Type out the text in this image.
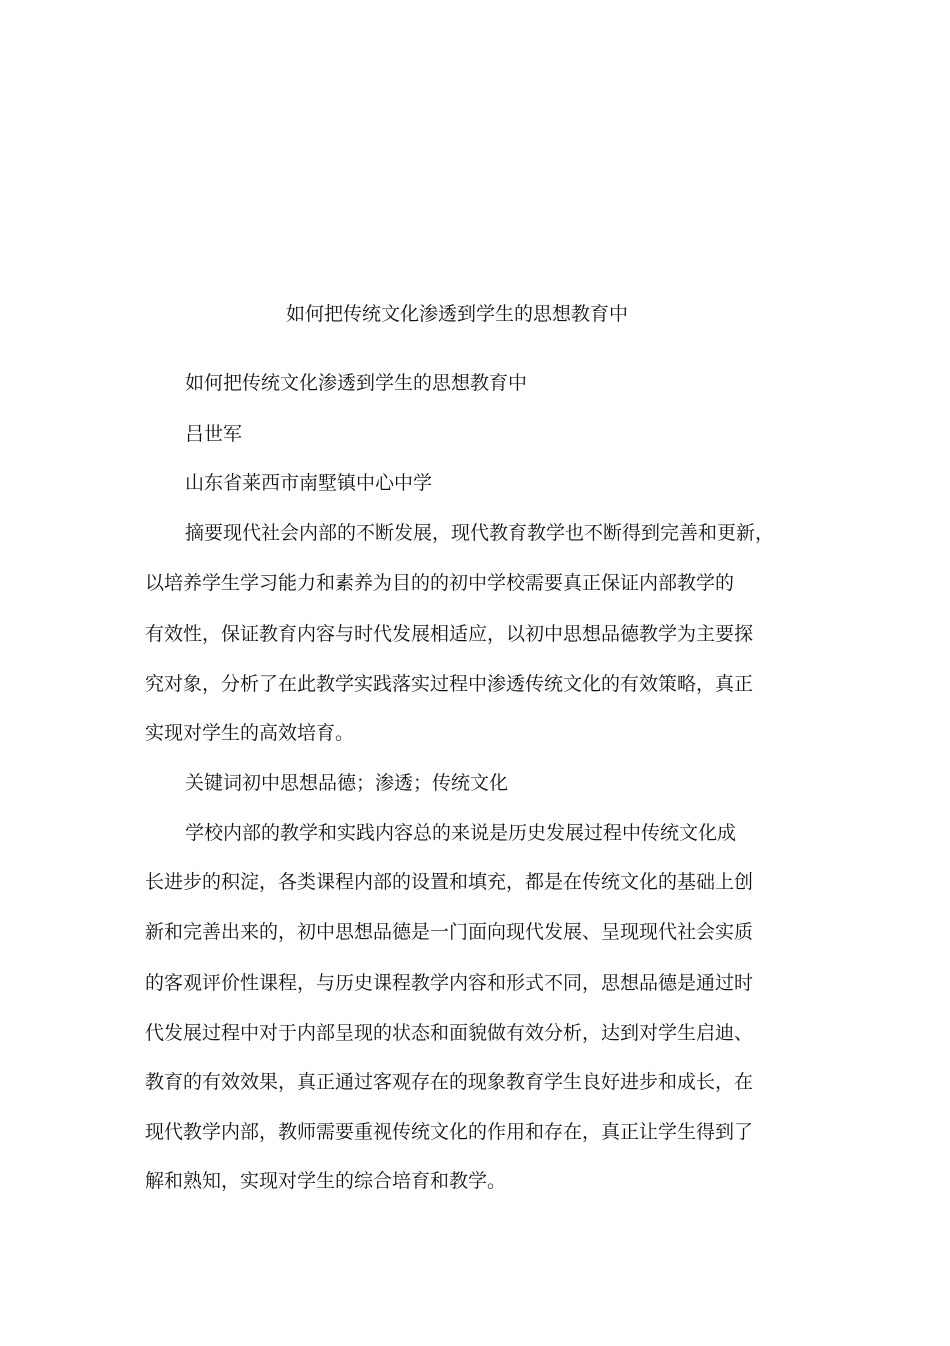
如何把传统文化渗透到学生的思想教育中
如何把传统文化渗透到学生的思想教育中
吕世军
山东省莱西市南墅镇中心中学
摘要现代社会内部的不断发展，现代教育教学也不断得到完善和更新，
以培养学生学习能力和素养为目的的初中学校需要真正保证内部教学的
有效性，保证教育内容与时代发展相适应，以初中思想品德教学为主要探
究对象，分析了在此教学实践落实过程中渗透传统文化的有效策略，真正
实现对学生的高效培育。
关键词初中思想品德；渗透；传统文化
学校内部的教学和实践内容总的来说是历史发展过程中传统文化成
长进步的积淀，各类课程内部的设置和填充，都是在传统文化的基础上创
新和完善出来的，初中思想品德是一门面向现代发展、呈现现代社会实质
的客观评价性课程，与历史课程教学内容和形式不同，思想品德是通过时
代发展过程中对于内部呈现的状态和面貌做有效分析，达到对学生启迪、
教育的有效效果，真正通过客观存在的现象教育学生良好进步和成长，在
现代教学内部，教师需要重视传统文化的作用和存在，真正让学生得到了
解和熟知，实现对学生的综合培育和教学。
